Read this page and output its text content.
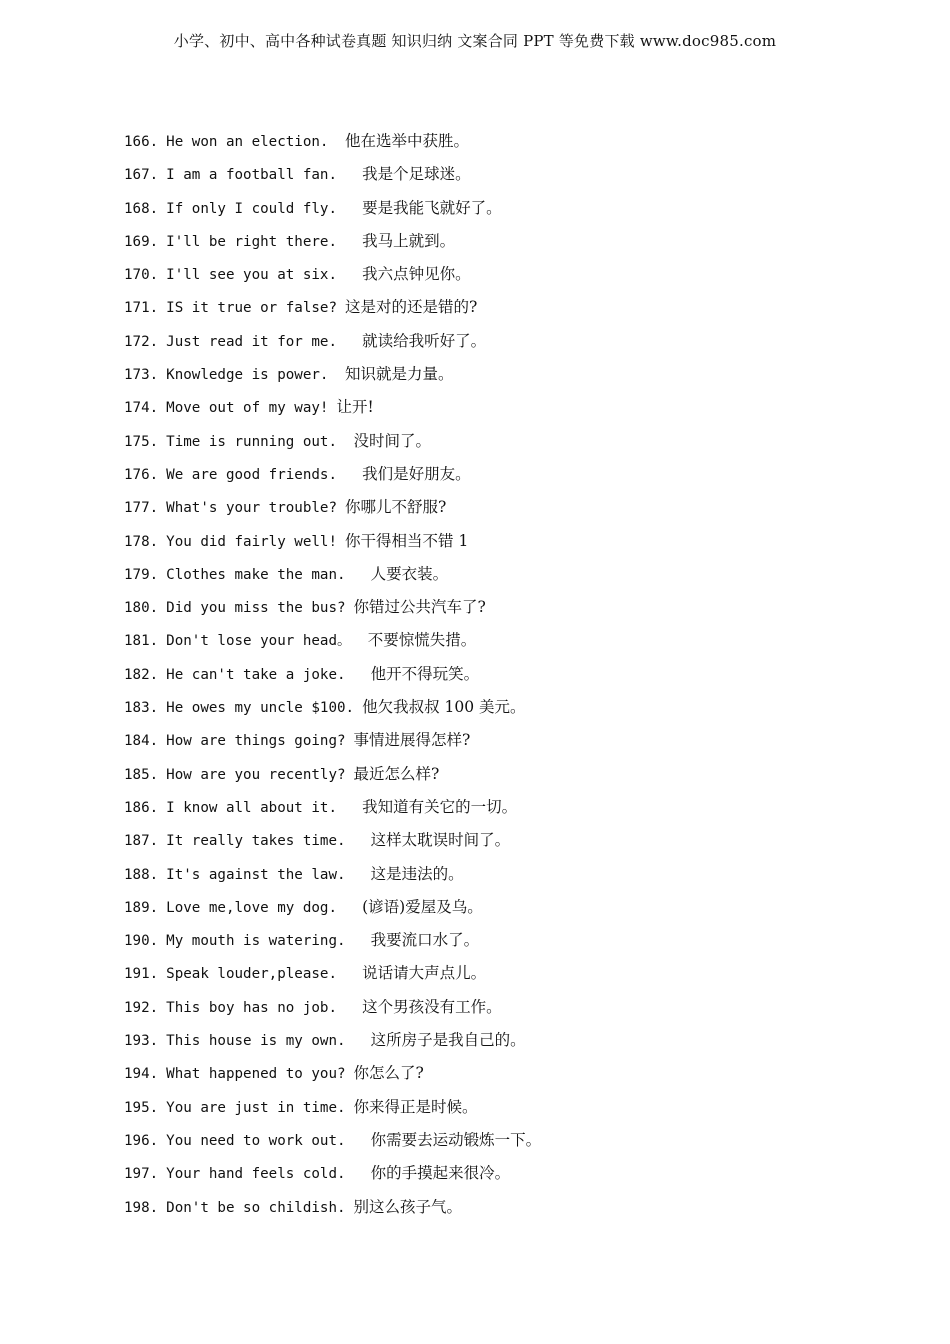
小学、初中、高中各种试卷真题 知识归纳 文案合同 PPT 等免费下载 www.doc985.com
166. He won an election. 他在选举中获胜。
167. I am a football fan.  我是个足球迷。
168. If only I could fly.  要是我能飞就好了。
169. I'll be right there.  我马上就到。
170. I'll see you at six.  我六点钟见你。
171. IS it true or false? 这是对的还是错的?
172. Just read it for me.  就读给我听好了。
173. Knowledge is power. 知识就是力量。
174. Move out of my way! 让开!
175. Time is running out. 没时间了。
176. We are good friends.  我们是好朋友。
177. What's your trouble? 你哪儿不舒服?
178. You did fairly well! 你干得相当不错 1
179. Clothes make the man.  人要衣装。
180. Did you miss the bus? 你错过公共汽车了?
181. Don't lose your head。 不要惊慌失措。
182. He can't take a joke.  他开不得玩笑。
183. He owes my uncle $100. 他欠我叔叔 100 美元。
184. How are things going? 事情进展得怎样?
185. How are you recently? 最近怎么样?
186. I know all about it.  我知道有关它的一切。
187. It really takes time.  这样太耽误时间了。
188. It's against the law.  这是违法的。
189. Love me,love my dog.  (谚语)爱屋及乌。
190. My mouth is watering.  我要流口水了。
191. Speak louder,please.  说话请大声点儿。
192. This boy has no job.  这个男孩没有工作。
193. This house is my own.  这所房子是我自己的。
194. What happened to you? 你怎么了?
195. You are just in time. 你来得正是时候。
196. You need to work out.  你需要去运动锻炼一下。
197. Your hand feels cold.  你的手摸起来很冷。
198. Don't be so childish. 别这么孩子气。
